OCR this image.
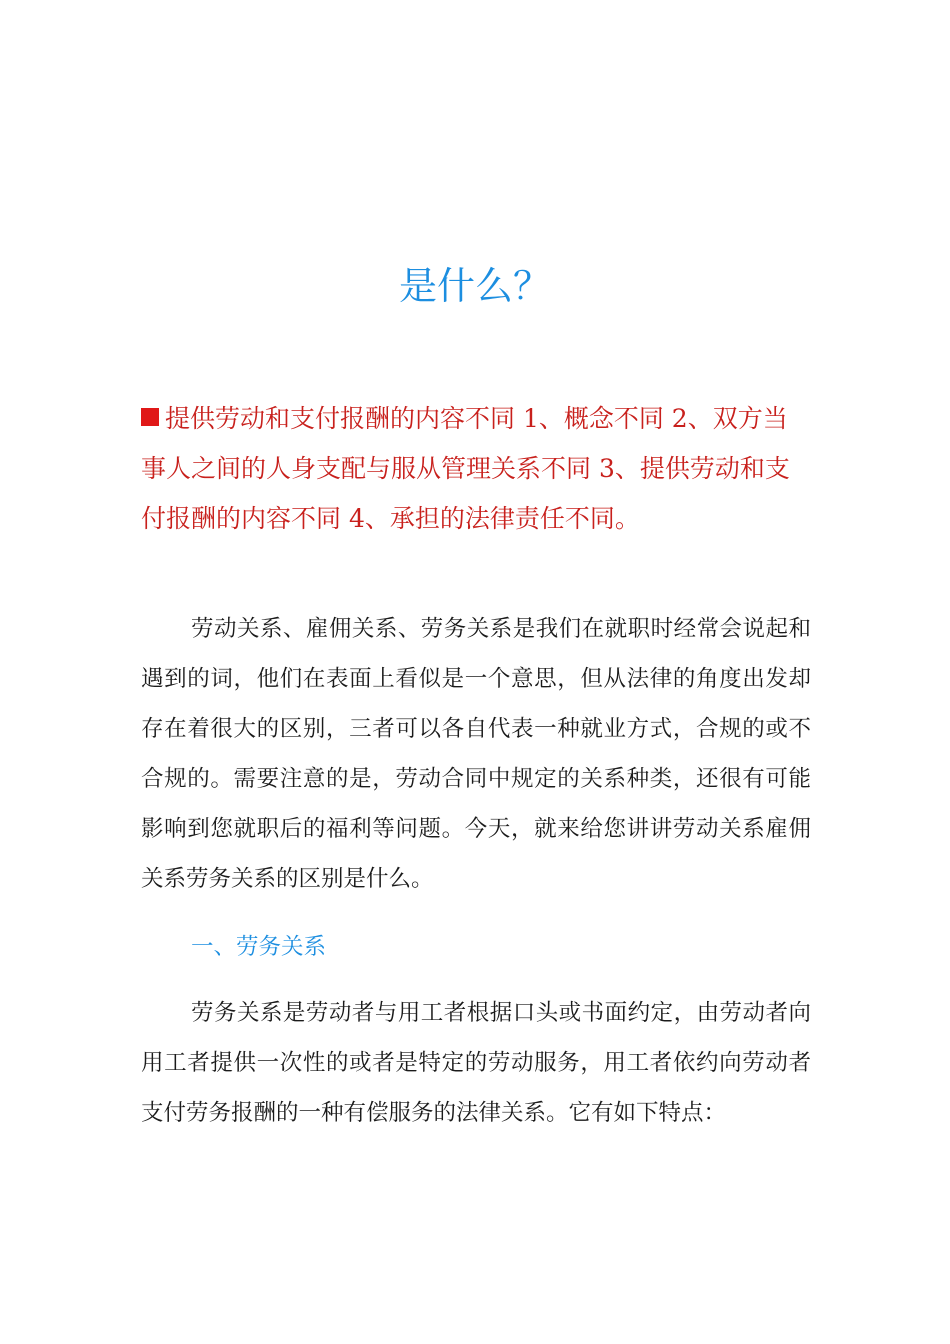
是什么？
提供劳动和支付报酬的内容不同 1、概念不同 2、双方当事人之间的人身支配与服从管理关系不同 3、提供劳动和支付报酬的内容不同 4、承担的法律责任不同。
劳动关系、雇佣关系、劳务关系是我们在就职时经常会说起和遇到的词，他们在表面上看似是一个意思，但从法律的角度出发却存在着很大的区别，三者可以各自代表一种就业方式，合规的或不合规的。需要注意的是，劳动合同中规定的关系种类，还很有可能影响到您就职后的福利等问题。今天，就来给您讲讲劳动关系雇佣关系劳务关系的区别是什么。
一、劳务关系
劳务关系是劳动者与用工者根据口头或书面约定，由劳动者向用工者提供一次性的或者是特定的劳动服务，用工者依约向劳动者支付劳务报酬的一种有偿服务的法律关系。它有如下特点：
